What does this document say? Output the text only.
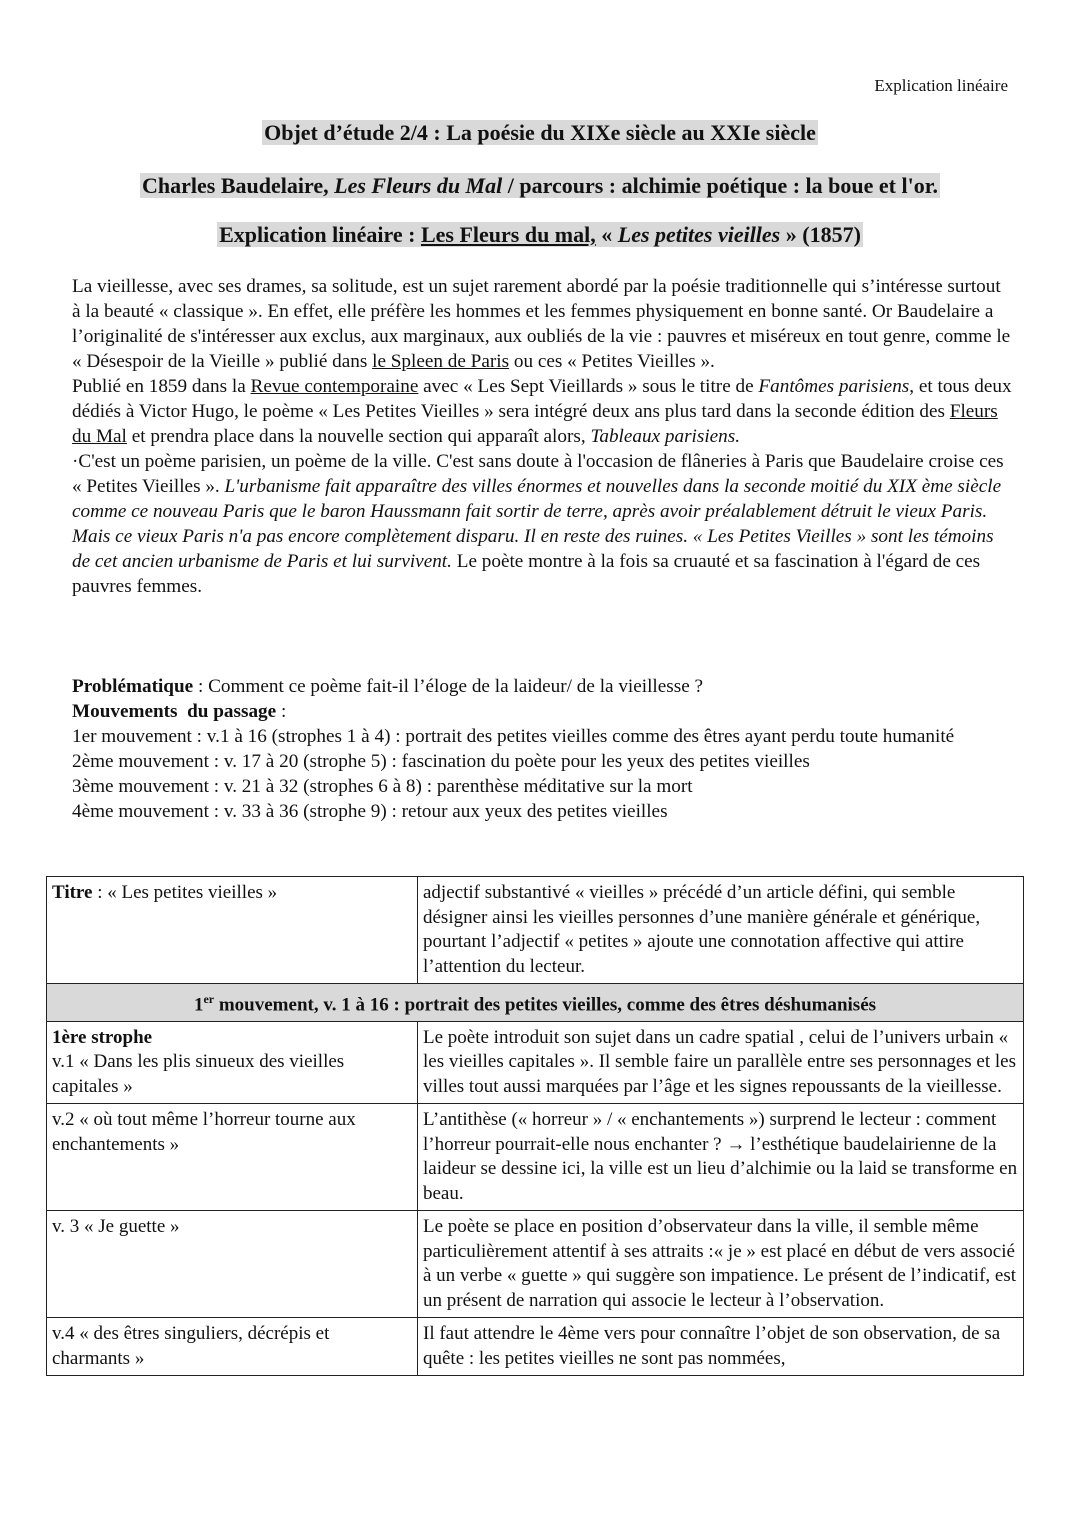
Explication linéaire
Objet d’étude 2/4 : La poésie du XIXe siècle au XXIe siècle
Charles Baudelaire, Les Fleurs du Mal / parcours : alchimie poétique : la boue et l'or.
Explication linéaire : Les Fleurs du mal, « Les petites vieilles » (1857)

La vieillesse, avec ses drames, sa solitude, est un sujet rarement abordé par la poésie traditionnelle qui s’intéresse surtout à la beauté « classique ». En effet, elle préfère les hommes et les femmes physiquement en bonne santé. Or Baudelaire a l’originalité de s'intéresser aux exclus, aux marginaux, aux oubliés de la vie : pauvres et miséreux en tout genre, comme le « Désespoir de la Vieille » publié dans le Spleen de Paris ou ces « Petites Vieilles ».

Publié en 1859 dans la Revue contemporaine avec « Les Sept Vieillards » sous le titre de Fantômes parisiens, et tous deux dédiés à Victor Hugo, le poème « Les Petites Vieilles » sera intégré deux ans plus tard dans la seconde édition des Fleurs du Mal et prendra place dans la nouvelle section qui apparaît alors, Tableaux parisiens.

·C'est un poème parisien, un poème de la ville. C'est sans doute à l'occasion de flâneries à Paris que Baudelaire croise ces « Petites Vieilles ». L'urbanisme fait apparaître des villes énormes et nouvelles dans la seconde moitié du XIX ème siècle comme ce nouveau Paris que le baron Haussmann fait sortir de terre, après avoir préalablement détruit le vieux Paris. Mais ce vieux Paris n'a pas encore complètement disparu. Il en reste des ruines. « Les Petites Vieilles » sont les témoins de cet ancien urbanisme de Paris et lui survivent. Le poète montre à la fois sa cruauté et sa fascination à l'égard de ces pauvres femmes.

Problématique : Comment ce poème fait-il l’éloge de la laideur/ de la vieillesse ?

Mouvements  du passage :

1er mouvement : v.1 à 16 (strophes 1 à 4) : portrait des petites vieilles comme des êtres ayant perdu toute humanité

2ème mouvement : v. 17 à 20 (strophe 5) : fascination du poète pour les yeux des petites vieilles

3ème mouvement : v. 21 à 32 (strophes 6 à 8) : parenthèse méditative sur la mort

4ème mouvement : v. 33 à 36 (strophe 9) : retour aux yeux des petites vieilles

Titre : « Les petites vieilles »	adjectif substantivé « vieilles » précédé d’un article défini, qui semble désigner ainsi les vieilles personnes d’une manière générale et générique, pourtant l’adjectif « petites » ajoute une connotation affective qui attire l’attention du lecteur.
1er mouvement, v. 1 à 16 : portrait des petites vieilles, comme des êtres déshumanisés	
1ère strophe
v.1 « Dans les plis sinueux des vieilles capitales »	Le poète introduit son sujet dans un cadre spatial , celui de l’univers urbain « les vieilles capitales ». Il semble faire un parallèle entre ses personnages et les villes tout aussi marquées par l’âge et les signes repoussants de la vieillesse.
v.2 « où tout même l’horreur tourne aux enchantements »	L’antithèse (« horreur » / « enchantements ») surprend le lecteur : comment l’horreur pourrait-elle nous enchanter ? → l’esthétique baudelairienne de la laideur se dessine ici, la ville est un lieu d’alchimie ou la laid se transforme en beau.
v. 3 « Je guette »	Le poète se place en position d’observateur dans la ville, il semble même particulièrement attentif à ses attraits :« je » est placé en début de vers associé à un verbe « guette » qui suggère son impatience. Le présent de l’indicatif, est un présent de narration qui associe le lecteur à l’observation.
v.4 « des êtres singuliers, décrépis et charmants »	Il faut attendre le 4ème vers pour connaître l’objet de son observation, de sa quête : les petites vieilles ne sont pas nommées,
